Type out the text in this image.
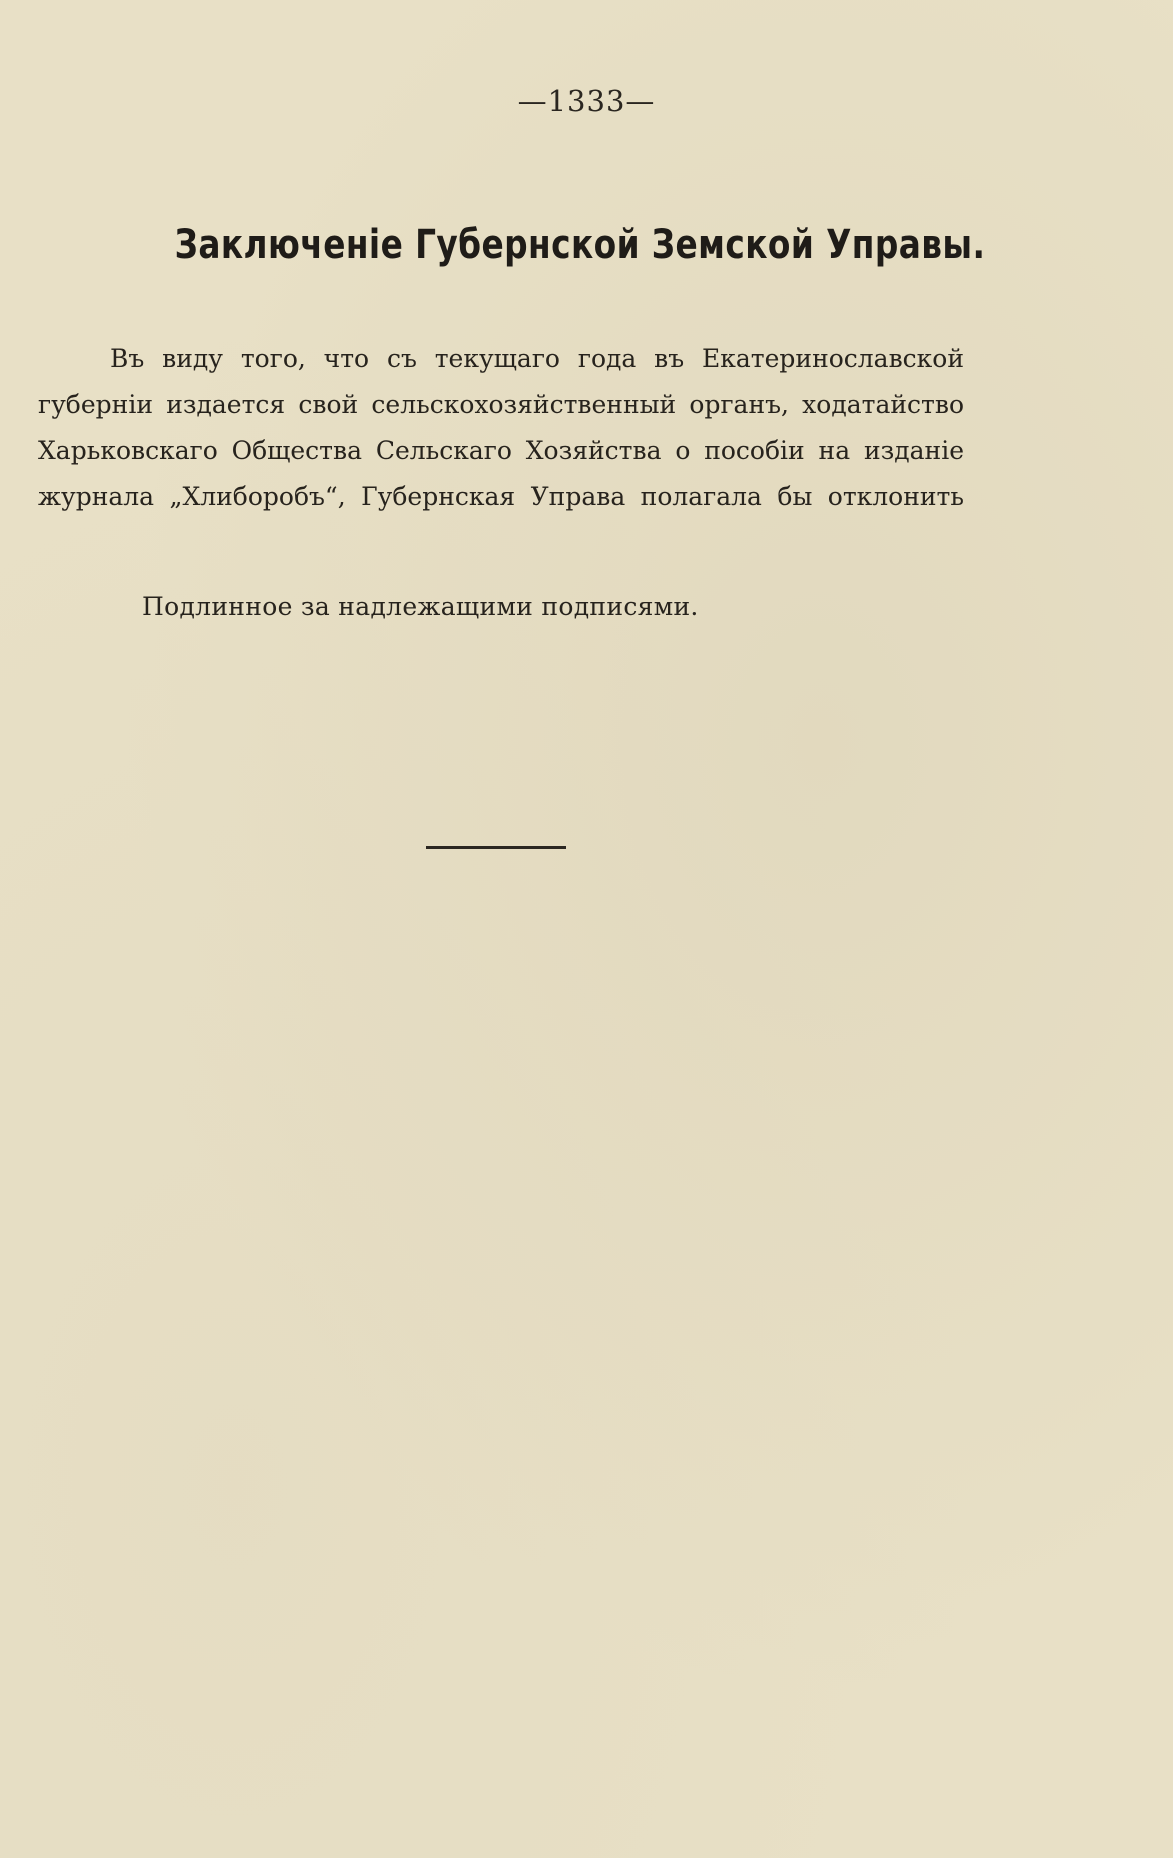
—1333—
Заключеніе Губернской Земской Управы.
Въ виду того, что съ текущаго года въ Екатеринославской
губерніи издается свой сельскохозяйственный органъ, ходатайство
Харьковскаго Общества Сельскаго Хозяйства о пособіи на изданіе
журнала „Хлиборобъ“, Губернская Управа полагала бы отклонить
Подлинное за надлежащими подписями.
